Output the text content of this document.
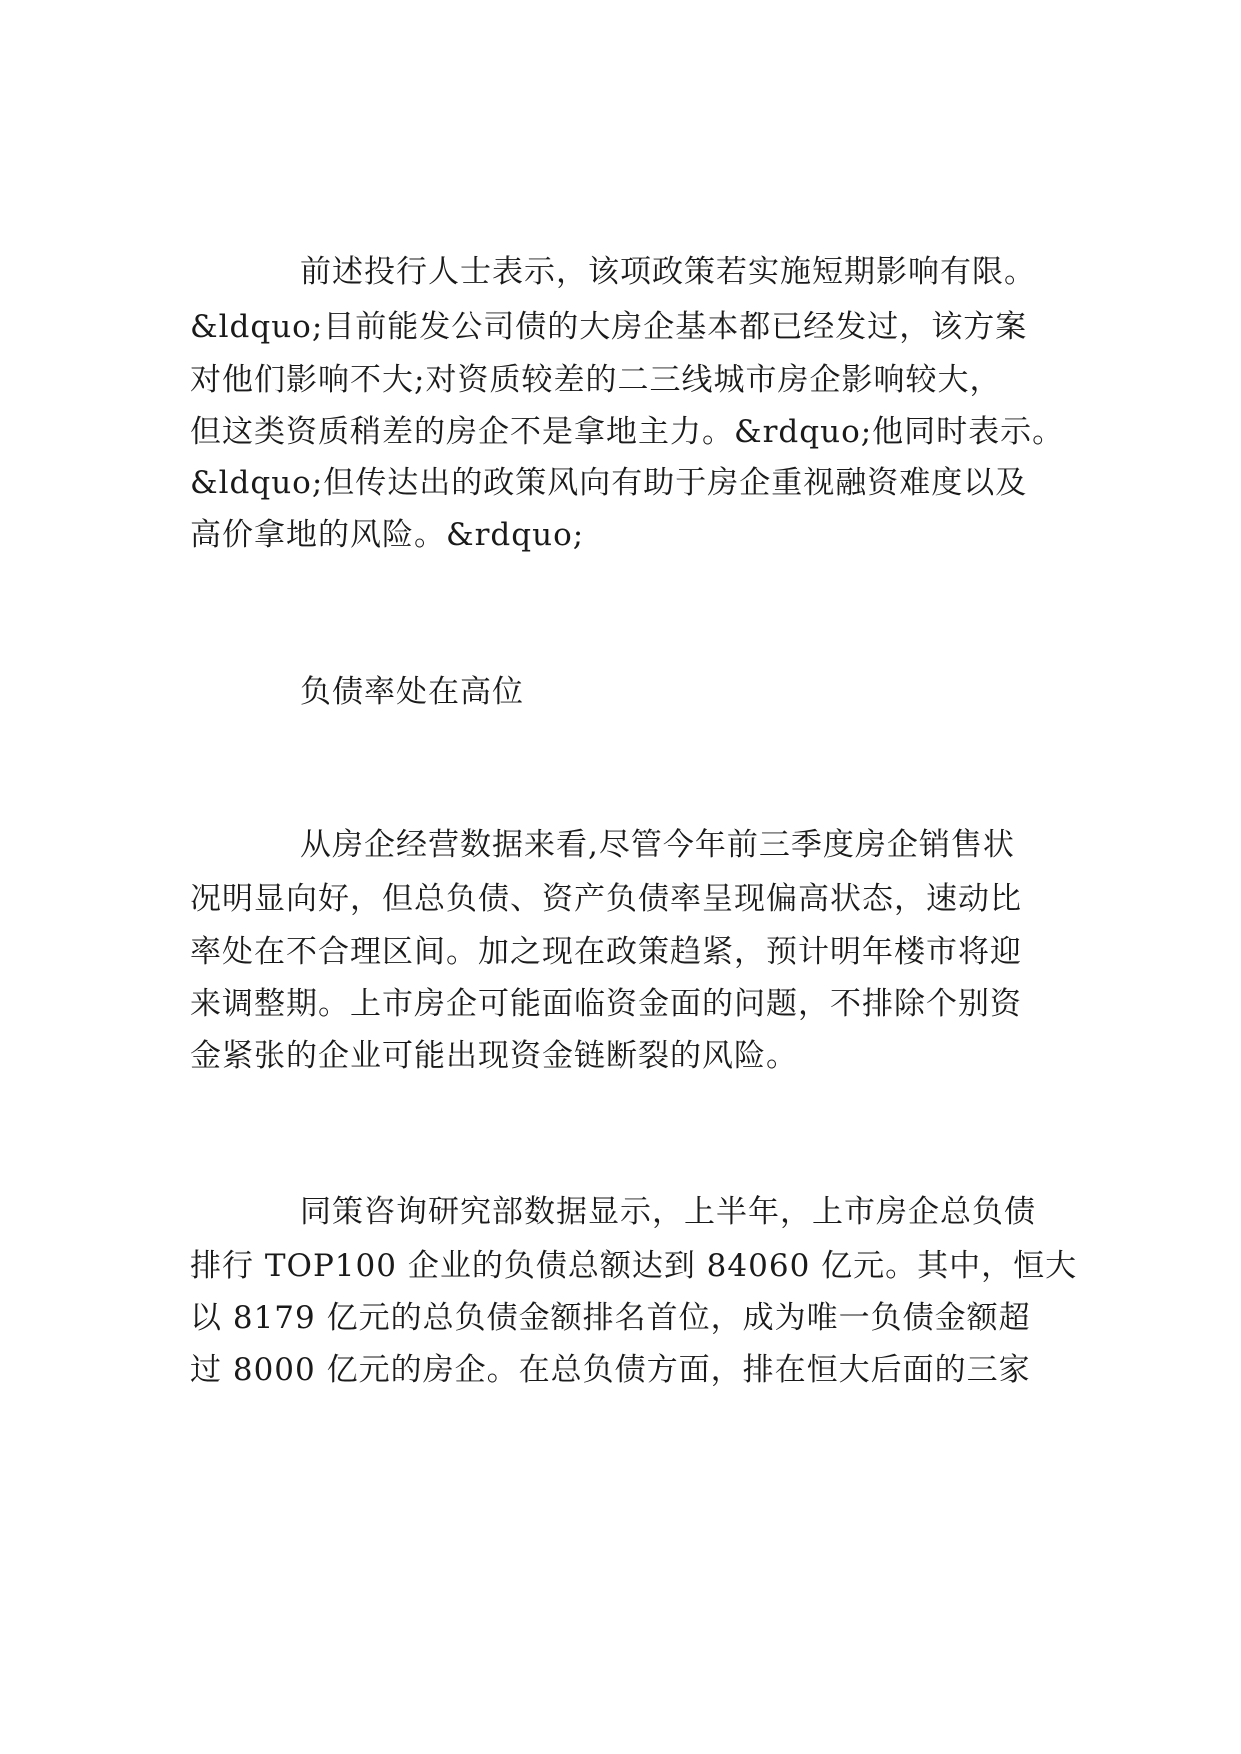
前述投行人士表示，该项政策若实施短期影响有限。
&ldquo;目前能发公司债的大房企基本都已经发过，该方案
对他们影响不大;对资质较差的二三线城市房企影响较大，
但这类资质稍差的房企不是拿地主力。&rdquo;他同时表示。
&ldquo;但传达出的政策风向有助于房企重视融资难度以及
高价拿地的风险。&rdquo;
负债率处在高位
从房企经营数据来看,尽管今年前三季度房企销售状
况明显向好，但总负债、资产负债率呈现偏高状态，速动比
率处在不合理区间。加之现在政策趋紧，预计明年楼市将迎
来调整期。上市房企可能面临资金面的问题，不排除个别资
金紧张的企业可能出现资金链断裂的风险。
同策咨询研究部数据显示，上半年，上市房企总负债
排行 TOP100 企业的负债总额达到 84060 亿元。其中，恒大
以 8179 亿元的总负债金额排名首位，成为唯一负债金额超
过 8000 亿元的房企。在总负债方面，排在恒大后面的三家
